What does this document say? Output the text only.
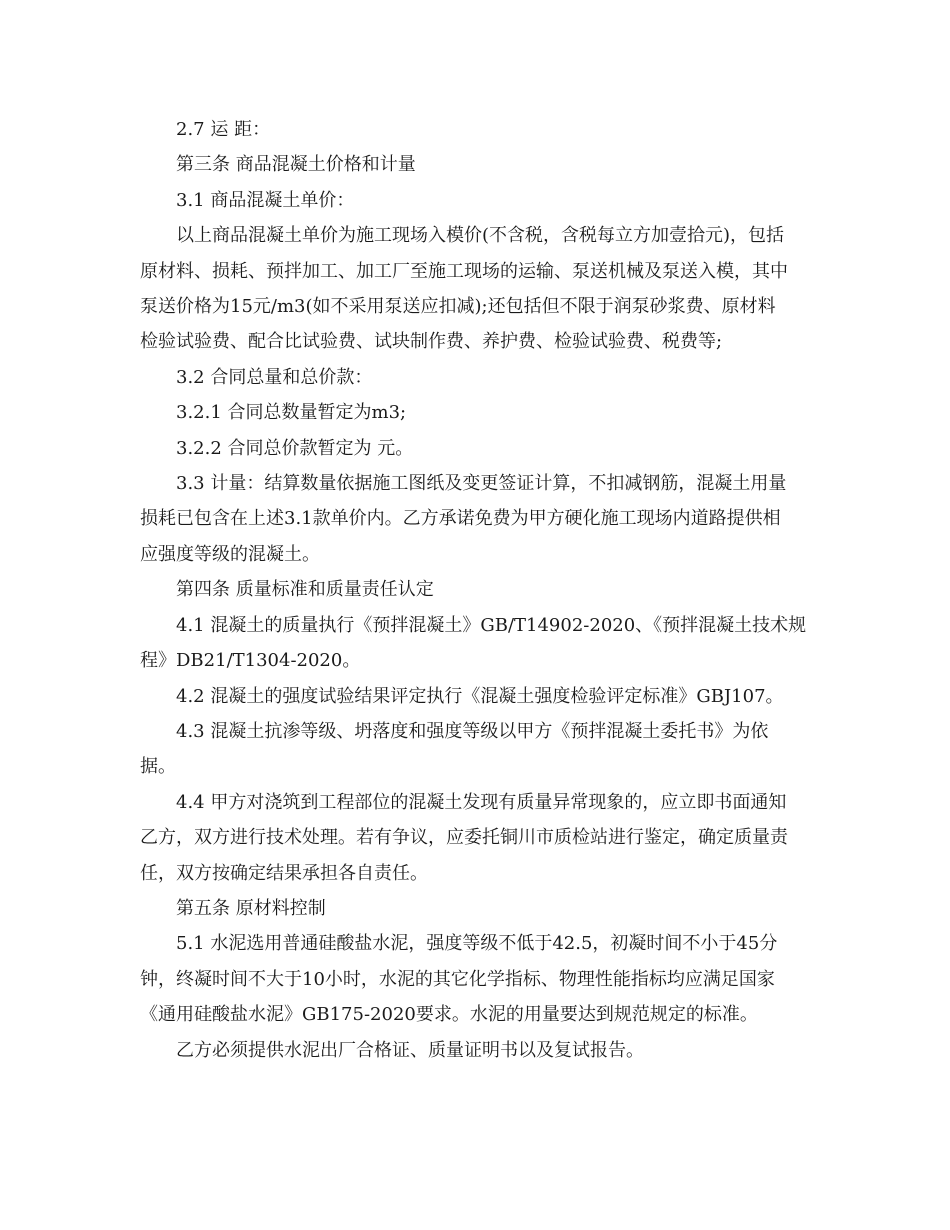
2.7 运 距：
第三条 商品混凝土价格和计量
3.1 商品混凝土单价：
以上商品混凝土单价为施工现场入模价(不含税，含税每立方加壹拾元)，包括
原材料、损耗、预拌加工、加工厂至施工现场的运输、泵送机械及泵送入模，其中
泵送价格为15元/m3(如不采用泵送应扣减);还包括但不限于润泵砂浆费、原材料
检验试验费、配合比试验费、试块制作费、养护费、检验试验费、税费等;
3.2 合同总量和总价款：
3.2.1 合同总数量暂定为m3;
3.2.2 合同总价款暂定为 元。
3.3 计量：结算数量依据施工图纸及变更签证计算，不扣减钢筋，混凝土用量
损耗已包含在上述3.1款单价内。乙方承诺免费为甲方硬化施工现场内道路提供相
应强度等级的混凝土。
第四条 质量标准和质量责任认定
4.1 混凝土的质量执行《预拌混凝土》GB/T14902-2020、《预拌混凝土技术规
程》DB21/T1304-2020。
4.2 混凝土的强度试验结果评定执行《混凝土强度检验评定标准》GBJ107。
4.3 混凝土抗渗等级、坍落度和强度等级以甲方《预拌混凝土委托书》为依
据。
4.4 甲方对浇筑到工程部位的混凝土发现有质量异常现象的，应立即书面通知
乙方，双方进行技术处理。若有争议，应委托铜川市质检站进行鉴定，确定质量责
任，双方按确定结果承担各自责任。
第五条 原材料控制
5.1 水泥选用普通硅酸盐水泥，强度等级不低于42.5，初凝时间不小于45分
钟，终凝时间不大于10小时，水泥的其它化学指标、物理性能指标均应满足国家
《通用硅酸盐水泥》GB175-2020要求。水泥的用量要达到规范规定的标准。
乙方必须提供水泥出厂合格证、质量证明书以及复试报告。
